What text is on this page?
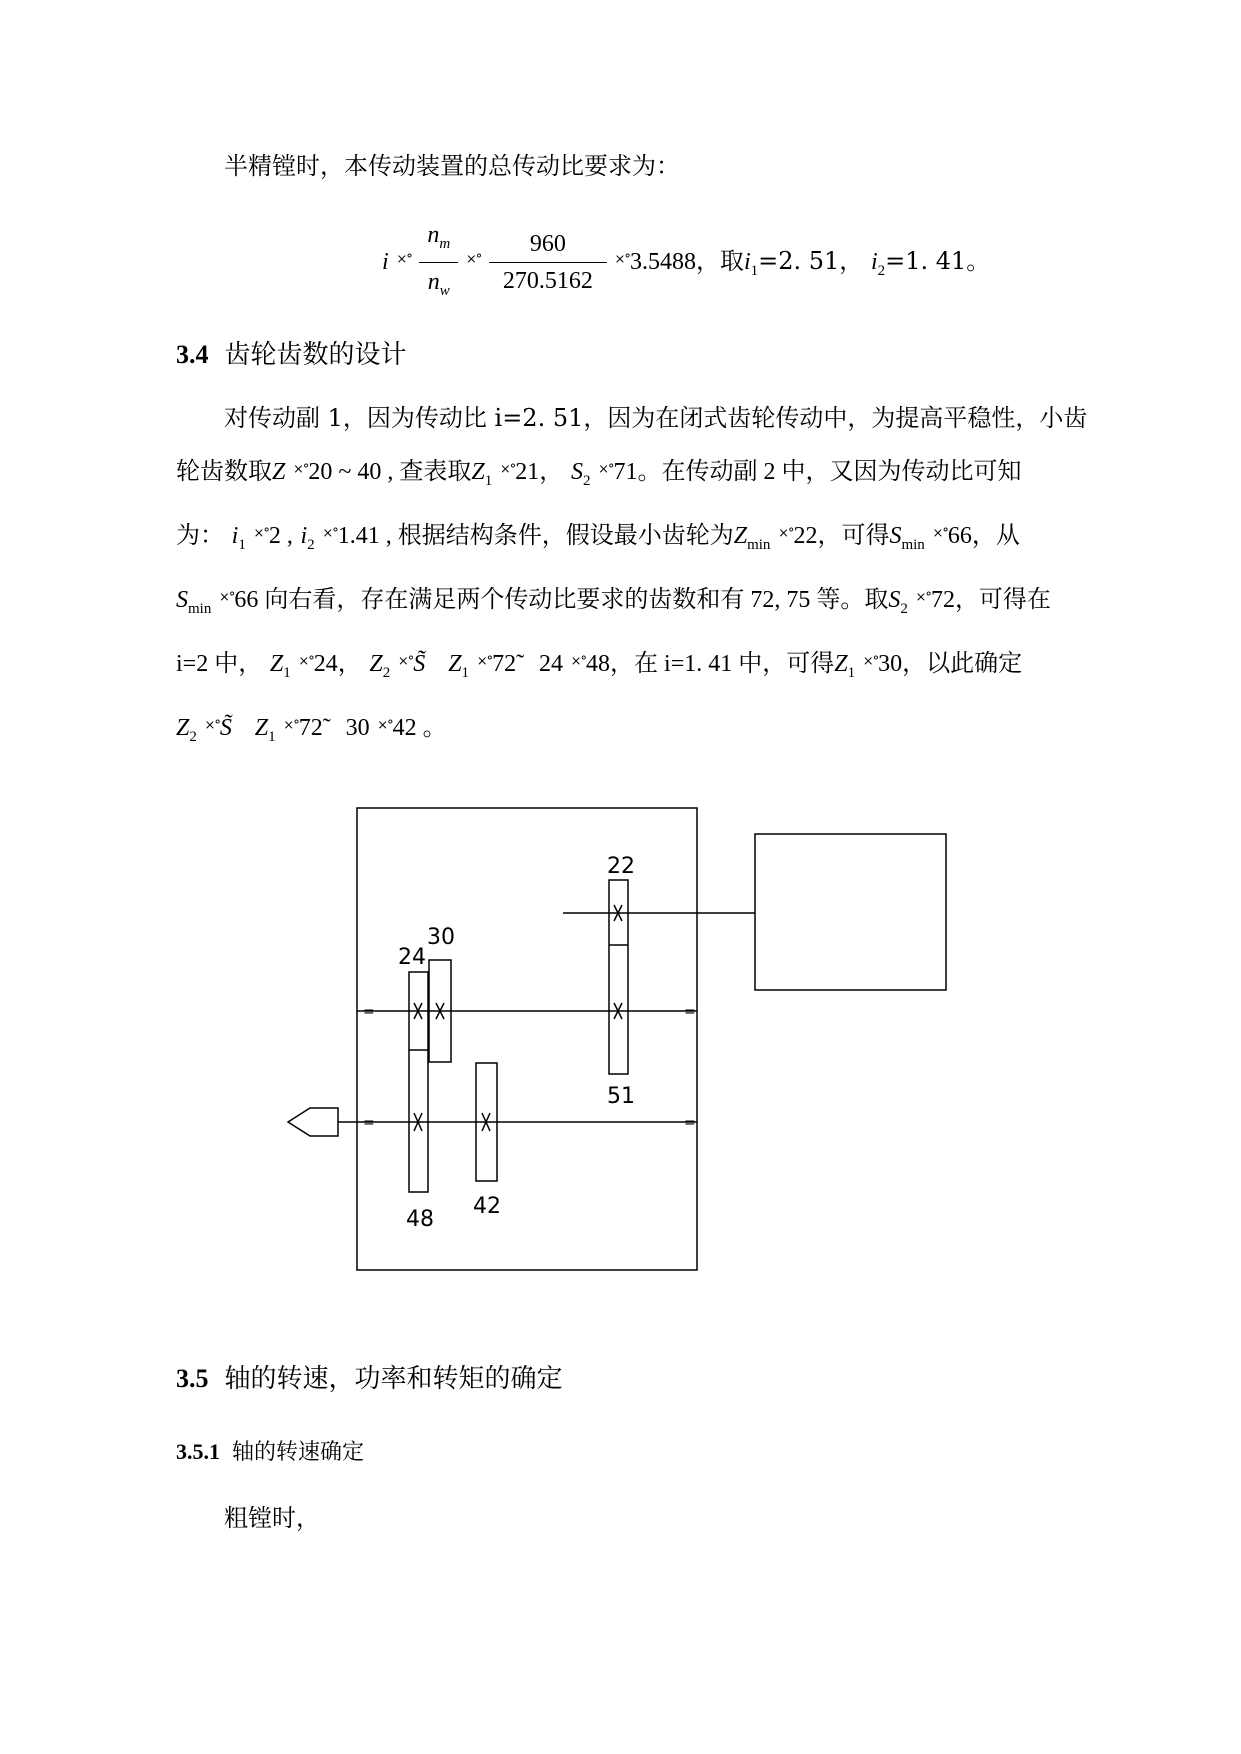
半精镗时，本传动装置的总传动比要求为：
i $^{\times^\circ} \frac{n_m}{n_w} ^{\times^\circ} \frac{960}{270.5162} ^{\times^\circ}3.5488$，取$i_1=2$. 51， $i_2=1$. 41。
3.4 齿轮齿数的设计
对传动副 1，因为传动比 i=2. 51，因为在闭式齿轮传动中，为提高平稳性，小齿
轮齿数取Z ×°20 ~ 40 , 查表取$Z_1$ ×°21， $S_2$ ×°71。在传动副 2 中，又因为传动比可知
为： $i_1$ ×°2 , $i_2$ ×°1.41 , 根据结构条件，假设最小齿轮为$Z_{min}$ ×°22，可得$S_{min}$ ×°66，从
$S_{min}$ ×°66 向右看，存在满足两个传动比要求的齿数和有 72, 75 等。取$S_2$ ×°72，可得在
i=2 中， $Z_1$ ×°24， $Z_2$ ×°S̃ $Z_1$ ×°72̃ 24 ×°48，在 i=1. 41 中，可得$Z_1$ ×°30，以此确定
$Z_2$ ×°S̃ $Z_1$ ×°72̃ 30 ×°42 。
=	=
=	=
22
51
24
30
48
42
3.5 轴的转速，功率和转矩的确定
3.5.1 轴的转速确定
粗镗时，
